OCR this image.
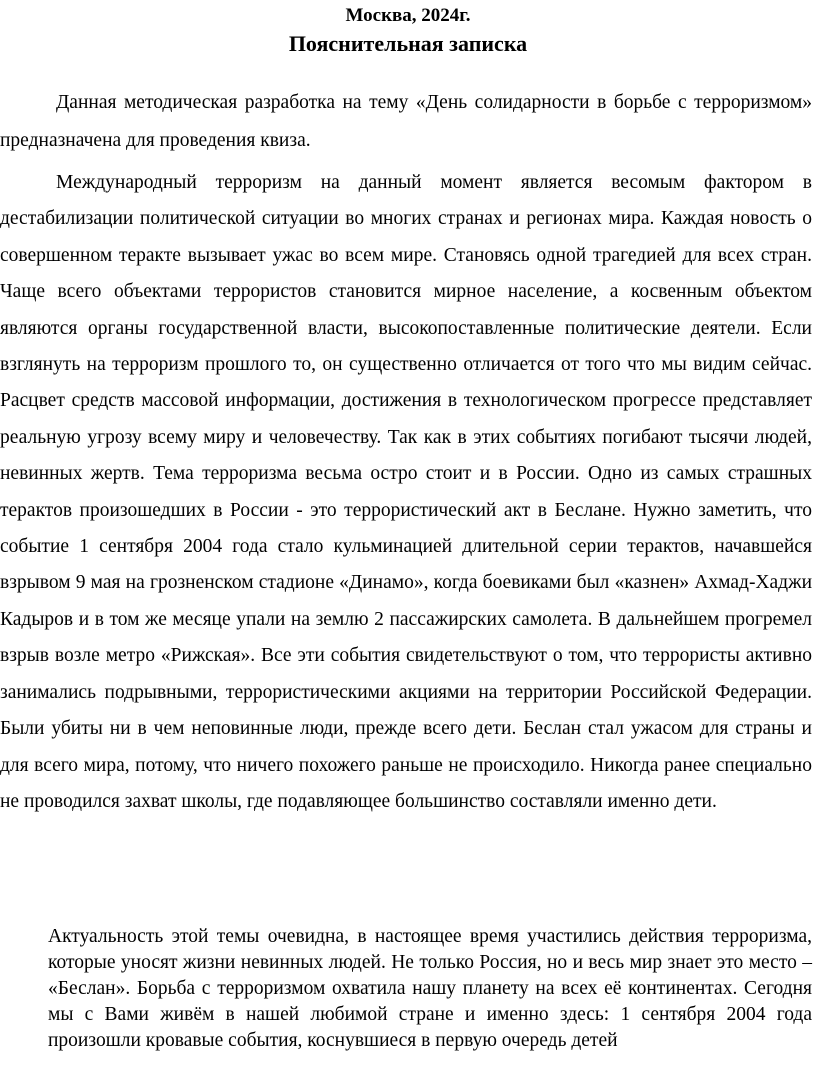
Москва, 2024г.
Пояснительная записка

Данная методическая разработка на тему «День солидарности в борьбе с терроризмом» предназначена для проведения квиза.

Международный терроризм на данный момент является весомым фактором в дестабилизации политической ситуации во многих странах и регионах мира. Каждая новость о совершенном теракте вызывает ужас во всем мире. Становясь одной трагедией для всех стран. Чаще всего объектами террористов становится мирное население, а косвенным объектом являются органы государственной власти, высокопоставленные политические деятели. Если взглянуть на терроризм прошлого то, он существенно отличается от того что мы видим сейчас. Расцвет средств массовой информации, достижения в технологическом прогрессе представляет реальную угрозу всему миру и человечеству. Так как в этих событиях погибают тысячи людей, невинных жертв. Тема терроризма весьма остро стоит и в России. Одно из самых страшных терактов произошедших в России - это террористический акт в Беслане. Нужно заметить, что событие 1 сентября 2004 года стало кульминацией длительной серии терактов, начавшейся взрывом 9 мая на грозненском стадионе «Динамо», когда боевиками был «казнен» Ахмад-Хаджи Кадыров и в том же месяце упали на землю 2 пассажирских самолета. В дальнейшем прогремел взрыв возле метро «Рижская». Все эти события свидетельствуют о том, что террористы активно занимались подрывными, террористическими акциями на территории Российской Федерации. Были убиты ни в чем неповинные люди, прежде всего дети. Беслан стал ужасом для страны и для всего мира, потому, что ничего похожего раньше не происходило. Никогда ранее специально не проводился захват школы, где подавляющее большинство составляли именно дети.

Актуальность этой темы очевидна, в настоящее время участились действия терроризма, которые уносят жизни невинных людей. Не только Россия, но и весь мир знает это место – «Беслан». Борьба с терроризмом охватила нашу планету на всех её континентах. Сегодня мы с Вами живём в нашей любимой стране и именно здесь: 1 сентября 2004 года произошли кровавые события, коснувшиеся в первую очередь детей
